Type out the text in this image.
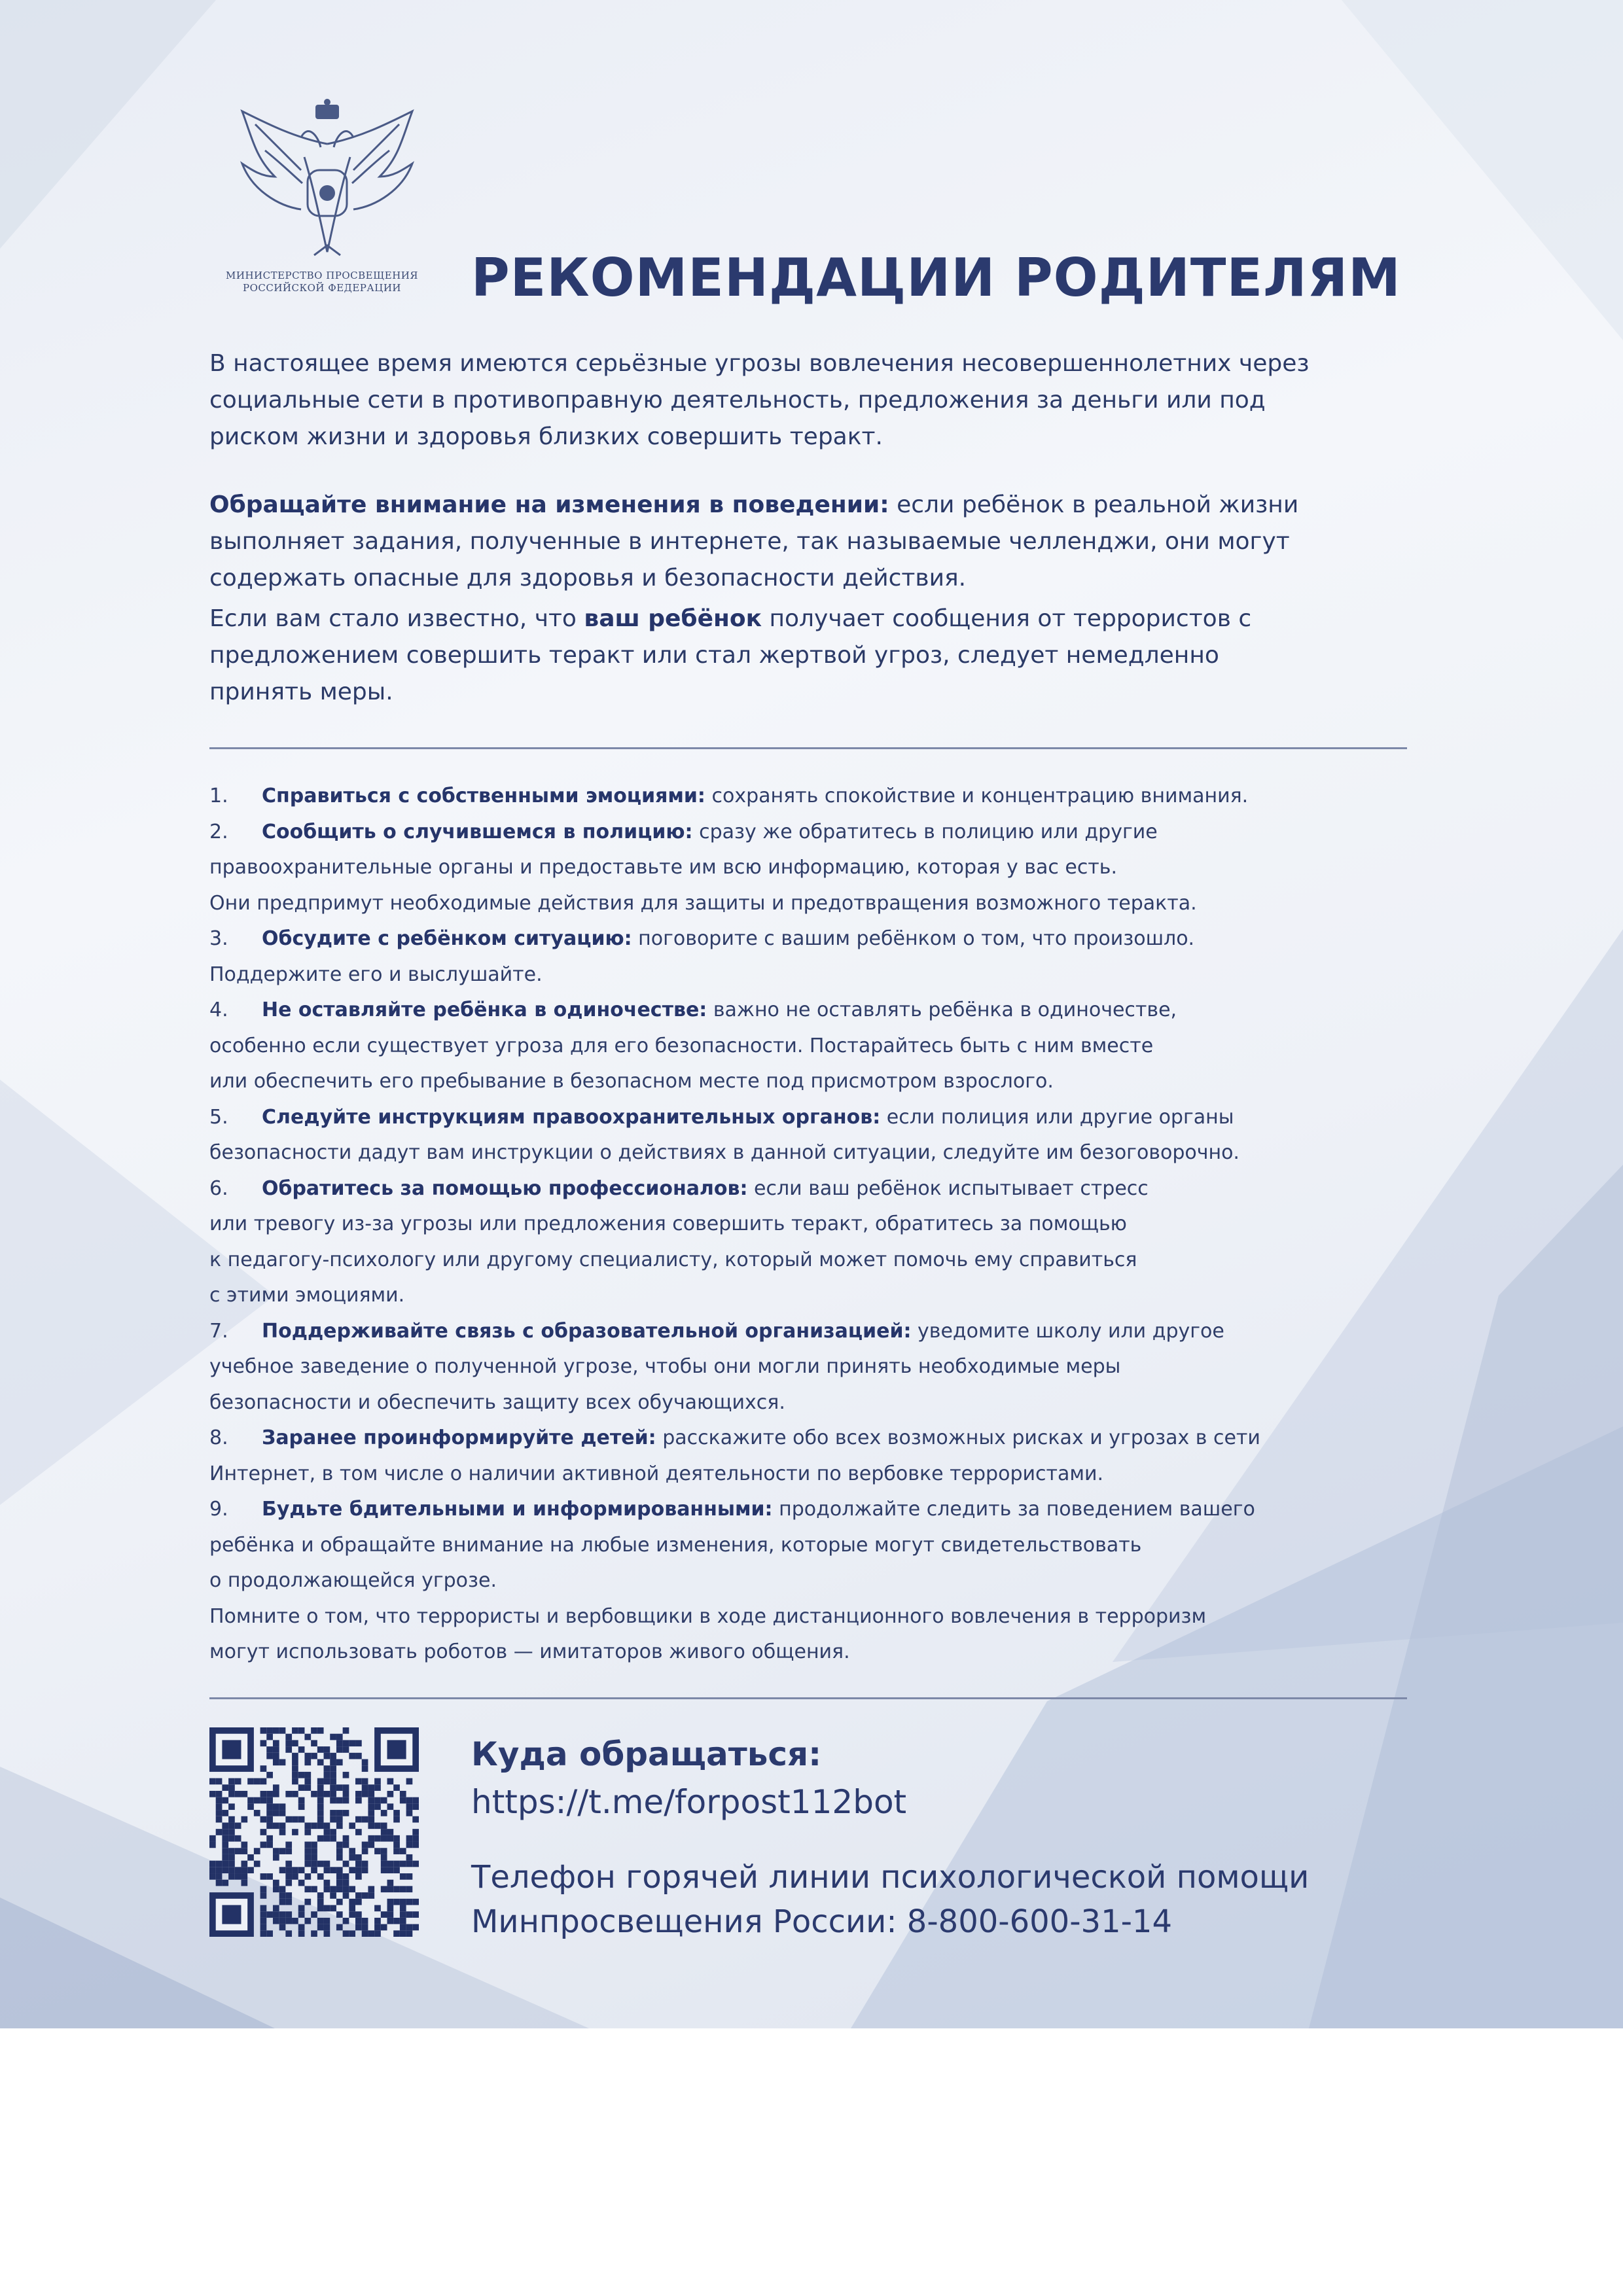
МИНИСТЕРСТВО ПРОСВЕЩЕНИЯ
РОССИЙСКОЙ ФЕДЕРАЦИИ	РЕКОМЕНДАЦИИ РОДИТЕЛЯМ

В настоящее время имеются серьёзные угрозы вовлечения несовершеннолетних через
социальные сети в противоправную деятельность, предложения за деньги или под
риском жизни и здоровья близких совершить теракт.

Обращайте внимание на изменения в поведении: если ребёнок в реальной жизни
выполняет задания, полученные в интернете, так называемые челленджи, они могут
содержать опасные для здоровья и безопасности действия.

Если вам стало известно, что ваш ребёнок получает сообщения от террористов с
предложением совершить теракт или стал жертвой угроз, следует немедленно
принять меры.

1. Справиться с собственными эмоциями: сохранять спокойствие и концентрацию внимания.

2. Сообщить о случившемся в полицию: сразу же обратитесь в полицию или другие
правоохранительные органы и предоставьте им всю информацию, которая у вас есть.
Они предпримут необходимые действия для защиты и предотвращения возможного теракта.

3. Обсудите с ребёнком ситуацию: поговорите с вашим ребёнком о том, что произошло.
Поддержите его и выслушайте.

4. Не оставляйте ребёнка в одиночестве: важно не оставлять ребёнка в одиночестве,
особенно если существует угроза для его безопасности. Постарайтесь быть с ним вместе
или обеспечить его пребывание в безопасном месте под присмотром взрослого.

5. Следуйте инструкциям правоохранительных органов: если полиция или другие органы
безопасности дадут вам инструкции о действиях в данной ситуации, следуйте им безоговорочно.

6. Обратитесь за помощью профессионалов: если ваш ребёнок испытывает стресс
или тревогу из-за угрозы или предложения совершить теракт, обратитесь за помощью
к педагогу-психологу или другому специалисту, который может помочь ему справиться
с этими эмоциями.

7. Поддерживайте связь с образовательной организацией: уведомите школу или другое
учебное заведение о полученной угрозе, чтобы они могли принять необходимые меры
безопасности и обеспечить защиту всех обучающихся.

8. Заранее проинформируйте детей: расскажите обо всех возможных рисках и угрозах в сети
Интернет, в том числе о наличии активной деятельности по вербовке террористами.

9. Будьте бдительными и информированными: продолжайте следить за поведением вашего
ребёнка и обращайте внимание на любые изменения, которые могут свидетельствовать
о продолжающейся угрозе.

Помните о том, что террористы и вербовщики в ходе дистанционного вовлечения в терроризм
могут использовать роботов — имитаторов живого общения.

Куда обращаться:

https://t.me/forpost112bot

Телефон горячей линии психологической помощи
Минпросвещения России: 8-800-600-31-14
